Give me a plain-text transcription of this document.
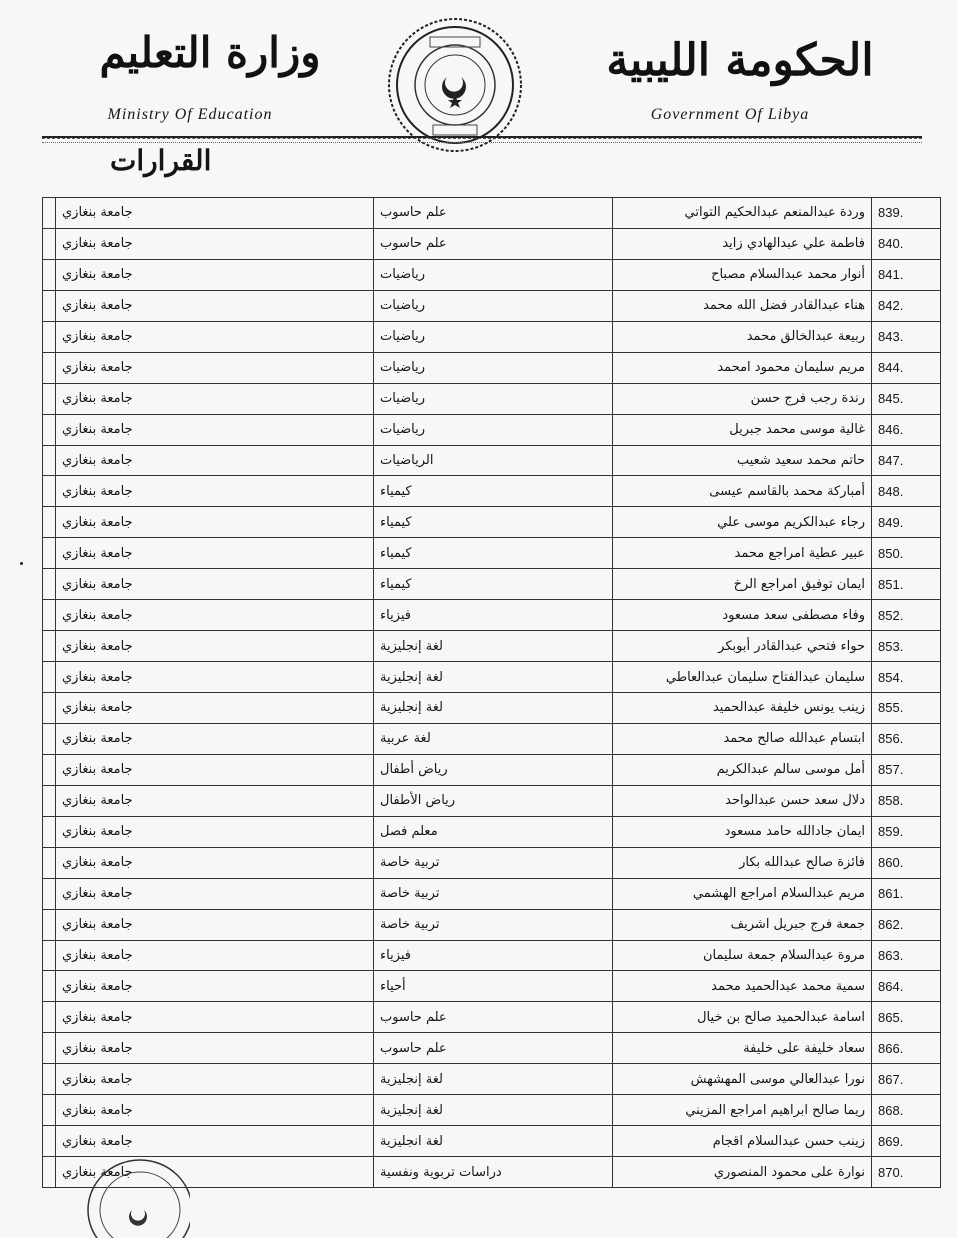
وزارة التعليم
Ministry Of Education
الحكومة الليبية
Government Of Libya
القرارات
839.	وردة عبدالمنعم عبدالحكيم التواتي	علم حاسوب	جامعة بنغازي	
840.	فاطمة علي عبدالهادي زايد	علم حاسوب	جامعة بنغازي	
841.	أنوار محمد عبدالسلام مصباح	رياضيات	جامعة بنغازي	
842.	هناء عبدالقادر فضل الله محمد	رياضيات	جامعة بنغازي	
843.	ربيعة عبدالخالق محمد	رياضيات	جامعة بنغازي	
844.	مريم سليمان محمود امحمد	رياضيات	جامعة بنغازي	
845.	رندة رجب فرج حسن	رياضيات	جامعة بنغازي	
846.	غالية موسى محمد جبريل	رياضيات	جامعة بنغازي	
847.	حاتم محمد سعيد شعيب	الرياضيات	جامعة بنغازي	
848.	أمباركة محمد بالقاسم عيسى	كيمياء	جامعة بنغازي	
849.	رجاء عبدالكريم موسى علي	كيمياء	جامعة بنغازي	
850.	عبير عطية امراجع محمد	كيمياء	جامعة بنغازي	
851.	ايمان توفيق امراجع الرخ	كيمياء	جامعة بنغازي	
852.	وفاء مصطفى سعد مسعود	فيزياء	جامعة بنغازي	
853.	حواء فتحي عبدالقادر أبوبكر	لغة إنجليزية	جامعة بنغازي	
854.	سليمان عبدالفتاح سليمان عبدالعاطي	لغة إنجليزية	جامعة بنغازي	
855.	زينب يونس خليفة عبدالحميد	لغة إنجليزية	جامعة بنغازي	
856.	ابتسام عبدالله صالح محمد	لغة عربية	جامعة بنغازي	
857.	أمل موسى سالم عبدالكريم	رياض أطفال	جامعة بنغازي	
858.	دلال سعد حسن عبدالواحد	رياض الأطفال	جامعة بنغازي	
859.	ايمان جادالله حامد مسعود	معلم فصل	جامعة بنغازي	
860.	فائزة صالح عبدالله بكار	تربية خاصة	جامعة بنغازي	
861.	مريم عبدالسلام امراجع الهشمي	تربية خاصة	جامعة بنغازي	
862.	جمعة فرج جبريل اشريف	تربية خاصة	جامعة بنغازي	
863.	مروة عبدالسلام جمعة سليمان	فيزياء	جامعة بنغازي	
864.	سمية محمد عبدالحميد محمد	أحياء	جامعة بنغازي	
865.	اسامة عبدالحميد صالح بن خيال	علم حاسوب	جامعة بنغازي	
866.	سعاد خليفة على خليفة	علم حاسوب	جامعة بنغازي	
867.	نورا عبدالعالي موسى المهشهش	لغة إنجليزية	جامعة بنغازي	
868.	ريما صالح ابراهيم امراجع المزيني	لغة إنجليزية	جامعة بنغازي	
869.	زينب حسن عبدالسلام اقجام	لغة انجليزية	جامعة بنغازي	
870.	نوارة على محمود المنصوري	دراسات تربوية ونفسية	جامعة بنغازي	
